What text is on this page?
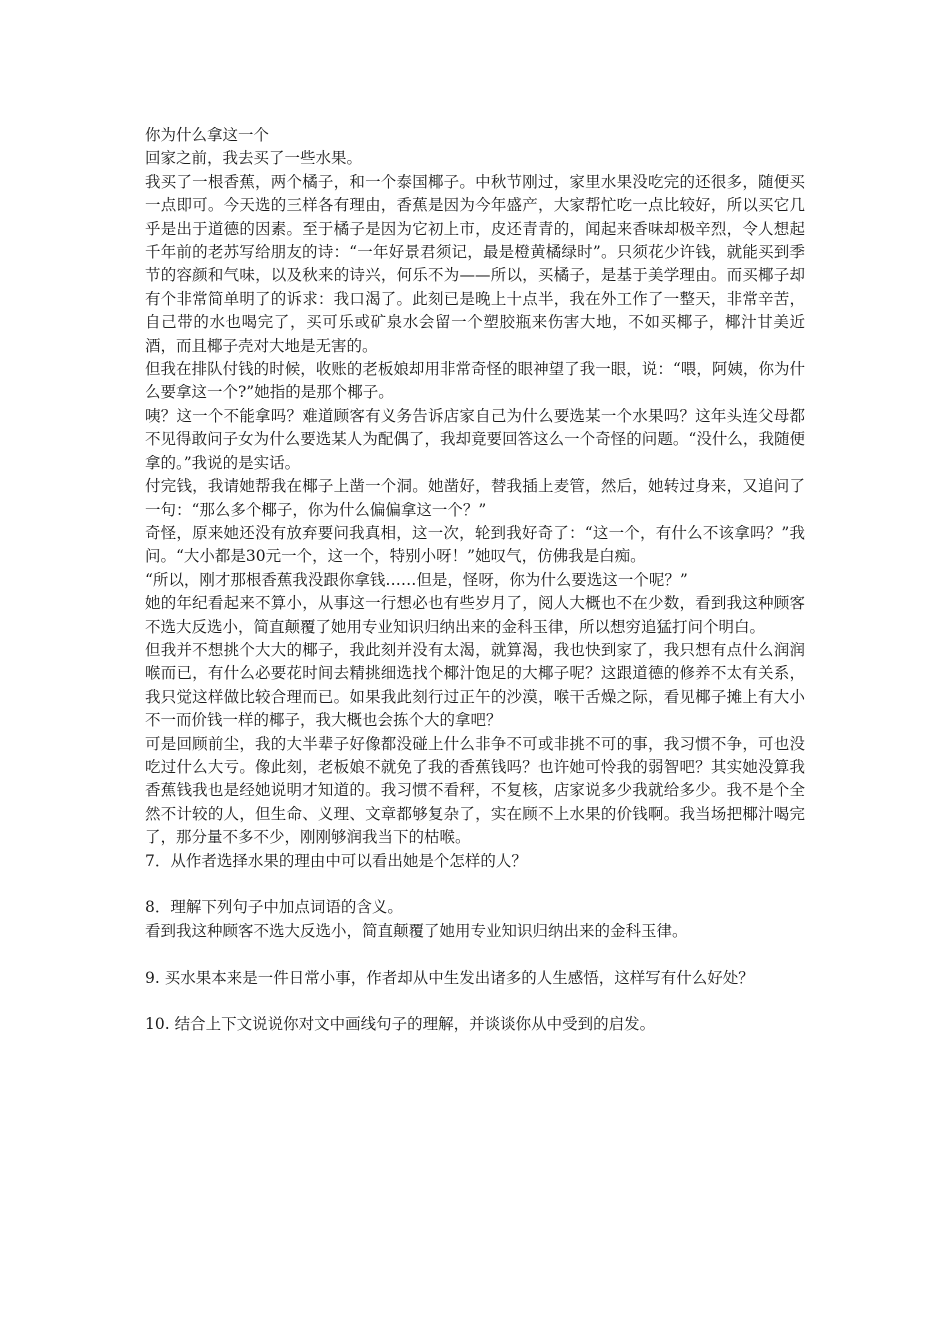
你为什么拿这一个

回家之前，我去买了一些水果。

我买了一根香蕉，两个橘子，和一个泰国椰子。中秋节刚过，家里水果没吃完的还很多，随便买一点即可。今天选的三样各有理由，香蕉是因为今年盛产，大家帮忙吃一点比较好，所以买它几乎是出于道德的因素。至于橘子是因为它初上市，皮还青青的，闻起来香味却极辛烈，令人想起千年前的老苏写给朋友的诗：“一年好景君须记，最是橙黄橘绿时”。只须花少许钱，就能买到季节的容颜和气味，以及秋来的诗兴，何乐不为——所以，买橘子，是基于美学理由。而买椰子却有个非常简单明了的诉求：我口渴了。此刻已是晚上十点半，我在外工作了一整天，非常辛苦，自己带的水也喝完了，买可乐或矿泉水会留一个塑胶瓶来伤害大地，不如买椰子，椰汁甘美近酒，而且椰子壳对大地是无害的。

但我在排队付钱的时候，收账的老板娘却用非常奇怪的眼神望了我一眼，说：“喂，阿姨，你为什么要拿这一个?”她指的是那个椰子。

咦？这一个不能拿吗？难道顾客有义务告诉店家自己为什么要选某一个水果吗？这年头连父母都不见得敢问子女为什么要选某人为配偶了，我却竟要回答这么一个奇怪的问题。“没什么，我随便拿的。”我说的是实话。

付完钱，我请她帮我在椰子上凿一个洞。她凿好，替我插上麦管，然后，她转过身来，又追问了一句：“那么多个椰子，你为什么偏偏拿这一个？”

奇怪，原来她还没有放弃要问我真相，这一次，轮到我好奇了：“这一个，有什么不该拿吗？”我问。“大小都是30元一个，这一个，特别小呀！”她叹气，仿佛我是白痴。

“所以，刚才那根香蕉我没跟你拿钱……但是，怪呀，你为什么要选这一个呢？”

她的年纪看起来不算小，从事这一行想必也有些岁月了，阅人大概也不在少数，看到我这种顾客不选大反选小，简直颠覆了她用专业知识归纳出来的金科玉律，所以想穷追猛打问个明白。

但我并不想挑个大大的椰子，我此刻并没有太渴，就算渴，我也快到家了，我只想有点什么润润喉而已，有什么必要花时间去精挑细选找个椰汁饱足的大椰子呢？这跟道德的修养不太有关系，我只觉这样做比较合理而已。如果我此刻行过正午的沙漠，喉干舌燥之际，看见椰子摊上有大小不一而价钱一样的椰子，我大概也会拣个大的拿吧？

可是回顾前尘，我的大半辈子好像都没碰上什么非争不可或非挑不可的事，我习惯不争，可也没吃过什么大亏。像此刻，老板娘不就免了我的香蕉钱吗？也许她可怜我的弱智吧？其实她没算我香蕉钱我也是经她说明才知道的。我习惯不看秤，不复核，店家说多少我就给多少。我不是个全然不计较的人，但生命、义理、文章都够复杂了，实在顾不上水果的价钱啊。我当场把椰汁喝完了，那分量不多不少，刚刚够润我当下的枯喉。

7．从作者选择水果的理由中可以看出她是个怎样的人？

8．理解下列句子中加点词语的含义。

看到我这种顾客不选大反选小，简直颠覆了她用专业知识归纳出来的金科玉律。

9. 买水果本来是一件日常小事，作者却从中生发出诸多的人生感悟，这样写有什么好处？

10. 结合上下文说说你对文中画线句子的理解，并谈谈你从中受到的启发。
